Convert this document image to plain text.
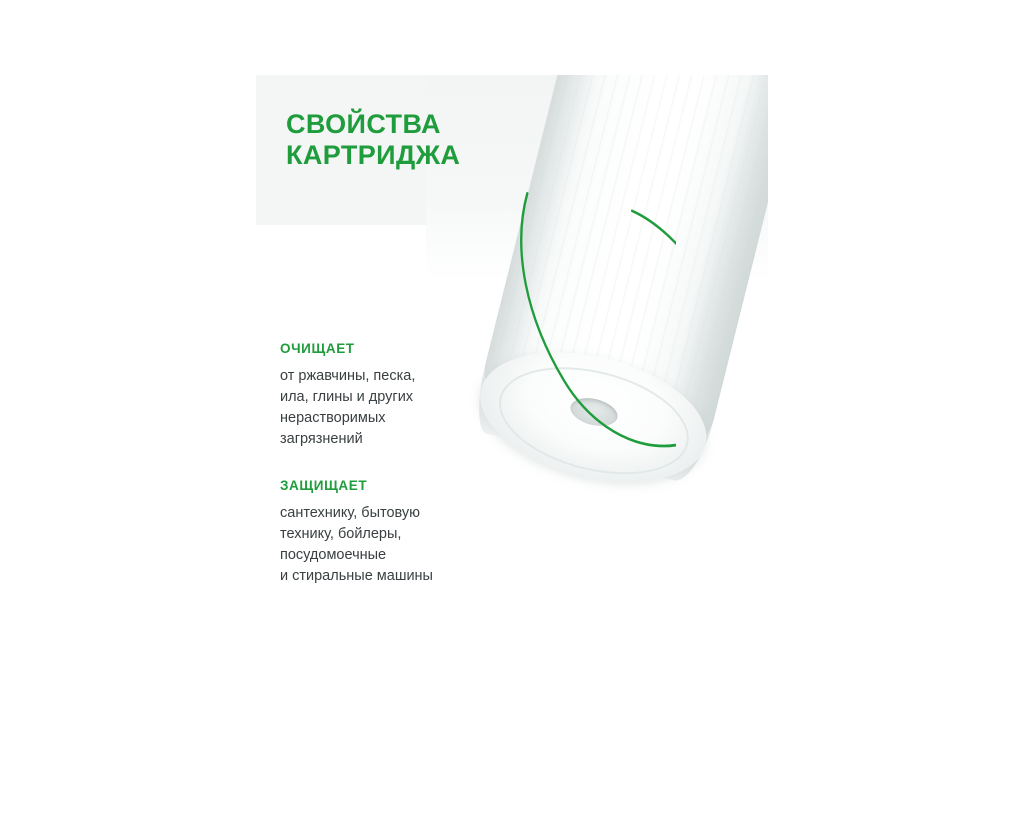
СВОЙСТВА
КАРТРИДЖА

ОЧИЩАЕТ

от ржавчины, песка,
ила, глины и других
нерастворимых
загрязнений

ЗАЩИЩАЕТ

сантехнику, бытовую
технику, бойлеры,
посудомоечные
и стиральные машины
